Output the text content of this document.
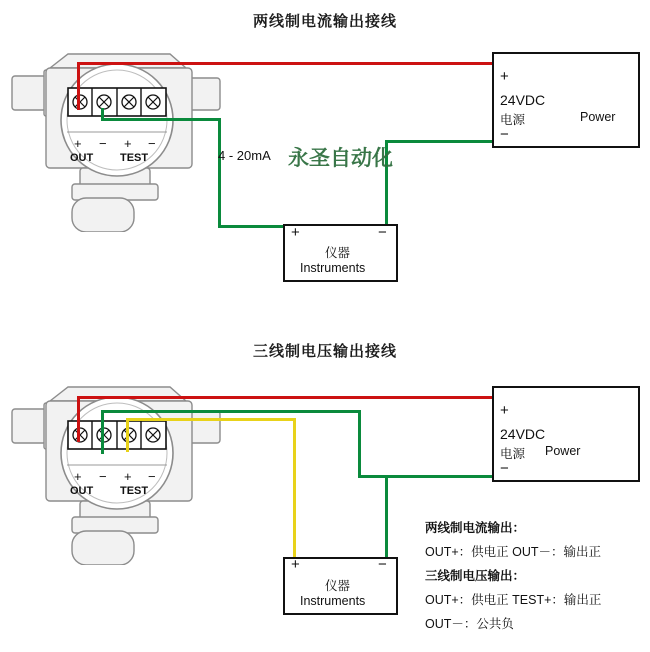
两线制电流输出接线
+ − + −
OUT TEST
+
24VDC
电源	Power
−
+	−
仪器
Instruments
4 - 20mA 永圣自动化
三线制电压输出接线
+ − + −
OUT TEST
+
24VDC
电源 Power
−
+	−
仪器
Instruments
两线制电流输出：
OUT+：供电正 OUT－：输出正
三线制电压输出：
OUT+：供电正 TEST+：输出正
OUT－：公共负
